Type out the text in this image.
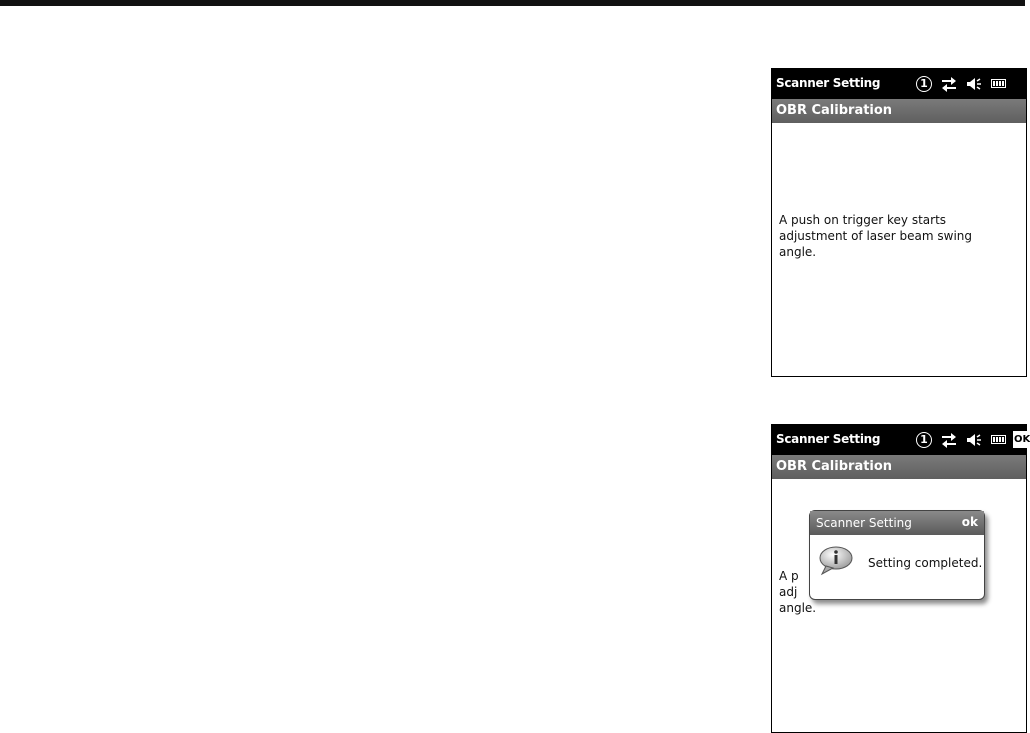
Scanner Setting	1
OBR Calibration
A push on trigger key starts
adjustment of laser beam swing
angle.
Scanner Setting	1	OK
OBR Calibration
A p
adj
angle.
Scanner Setting	ok
Setting completed.
